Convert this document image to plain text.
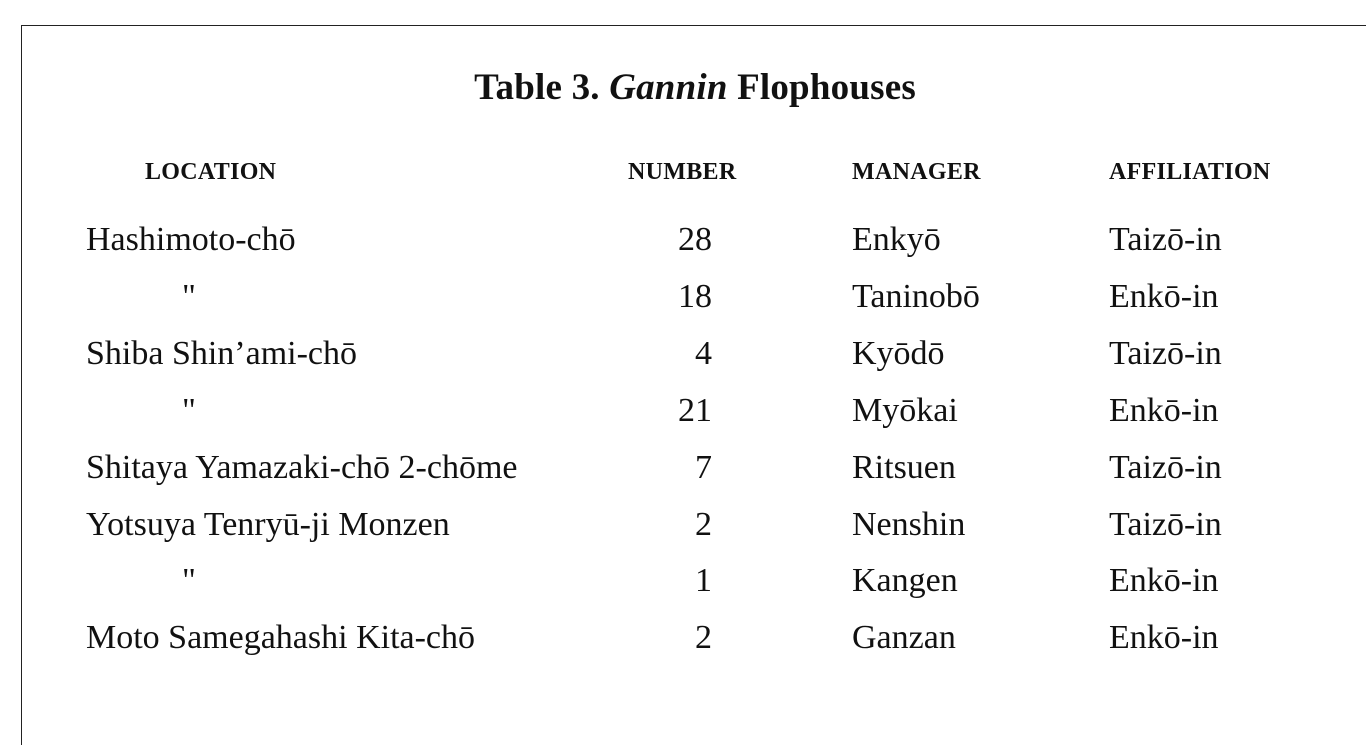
Table 3. Gannin Flophouses
LOCATION	NUMBER	MANAGER	AFFILIATION
Hashimoto-chō	28	Enkyō	Taizō-in
"	18	Taninobō	Enkō-in
Shiba Shin’ami-chō	4	Kyōdō	Taizō-in
"	21	Myōkai	Enkō-in
Shitaya Yamazaki-chō 2-chōme	7	Ritsuen	Taizō-in
Yotsuya Tenryū-ji Monzen	2	Nenshin	Taizō-in
"	1	Kangen	Enkō-in
Moto Samegahashi Kita-chō	2	Ganzan	Enkō-in
